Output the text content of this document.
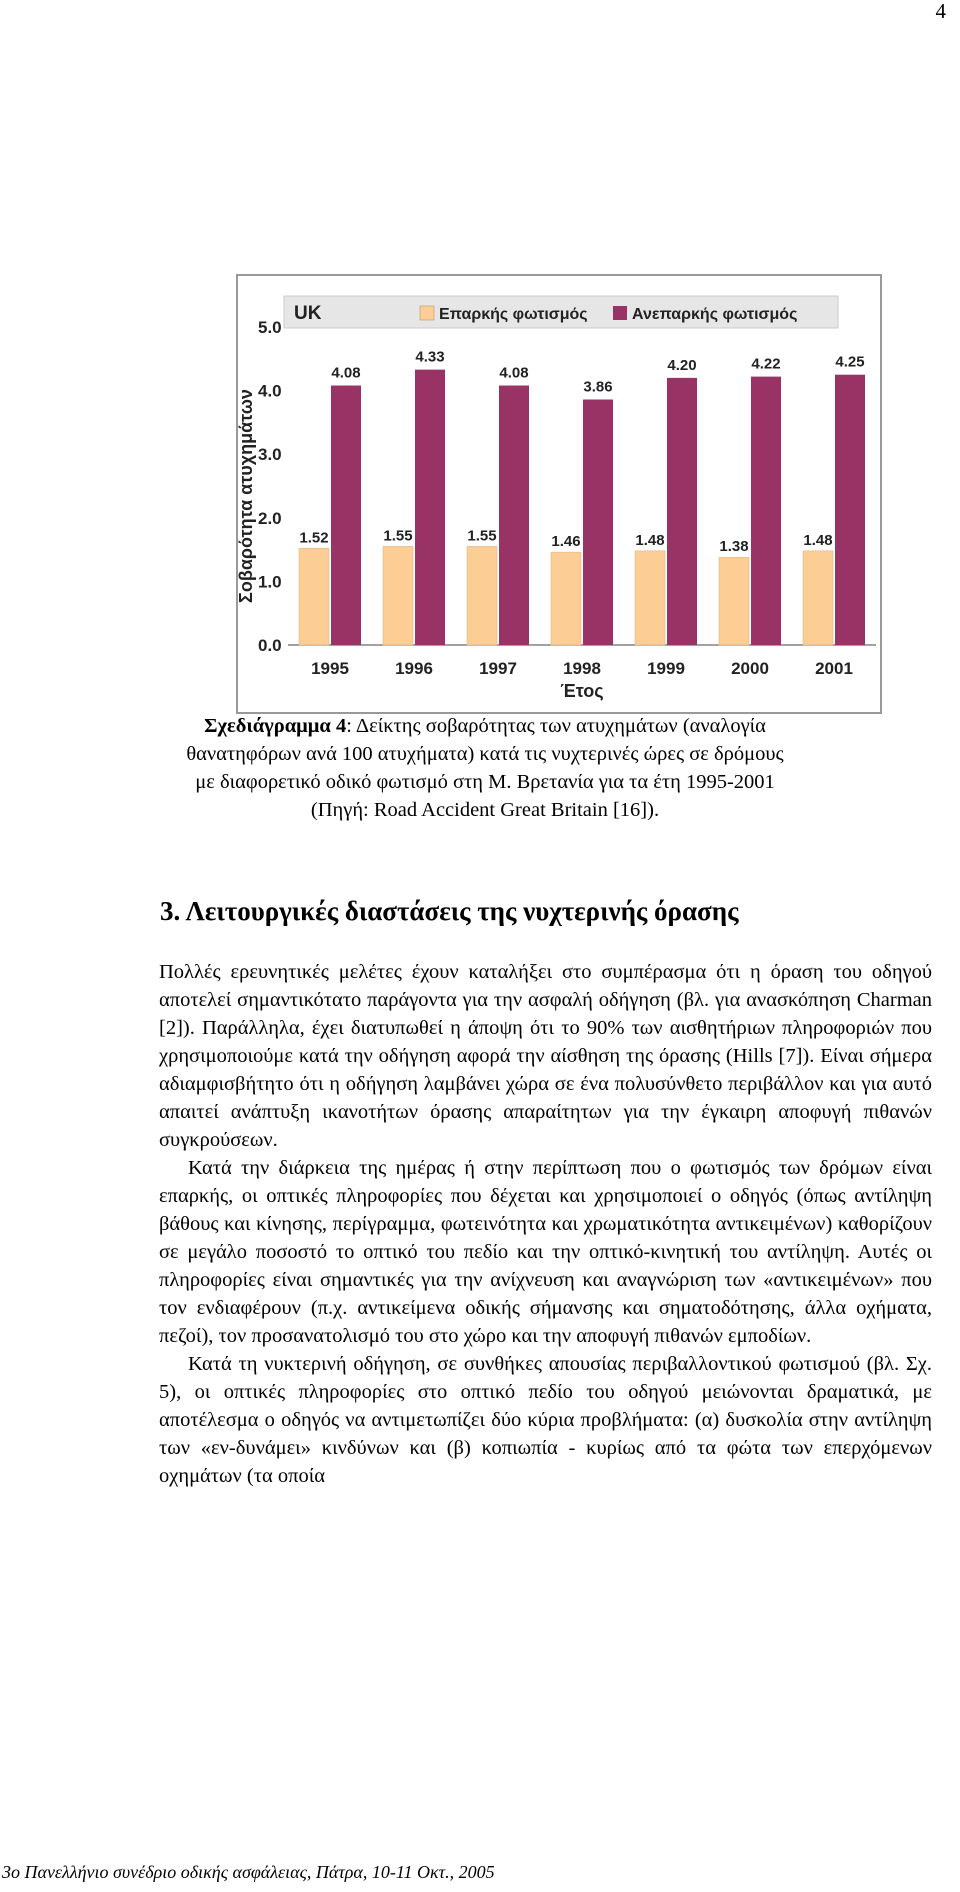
4
0.0
1.0
2.0
3.0
4.0
5.0
Σοβαρότητα ατυχημάτων	1.52
4.08
1995
1.55
4.33
1996
1.55
4.08
1997
1.46
3.86
1998
1.48
4.20
1999
1.38
4.22
2000
1.48
4.25
2001
Έτος
UK	Επαρκής φωτισμός	Ανεπαρκής φωτισμός
Σχεδιάγραμμα 4: Δείκτης σοβαρότητας των ατυχημάτων (αναλογία θανατηφόρων ανά 100 ατυχήματα) κατά τις νυχτερινές ώρες σε δρόμους με διαφορετικό οδικό φωτισμό στη Μ. Βρετανία για τα έτη 1995-2001 (Πηγή: Road Accident Great Britain [16]).
3. Λειτουργικές διαστάσεις της νυχτερινής όρασης

Πολλές ερευνητικές μελέτες έχουν καταλήξει στο συμπέρασμα ότι η όραση του οδηγού αποτελεί σημαντικότατο παράγοντα για την ασφαλή οδήγηση (βλ. για ανασκόπηση Charman [2]). Παράλληλα, έχει διατυπωθεί η άποψη ότι το 90% των αισθητήριων πληροφοριών που χρησιμοποιούμε κατά την οδήγηση αφορά την αίσθηση της όρασης (Hills [7]). Είναι σήμερα αδιαμφισβήτητο ότι η οδήγηση λαμβάνει χώρα σε ένα πολυσύνθετο περιβάλλον και για αυτό απαιτεί ανάπτυξη ικανοτήτων όρασης απαραίτητων για την έγκαιρη αποφυγή πιθανών συγκρούσεων.

Κατά την διάρκεια της ημέρας ή στην περίπτωση που ο φωτισμός των δρόμων είναι επαρκής, οι οπτικές πληροφορίες που δέχεται και χρησιμοποιεί ο οδηγός (όπως αντίληψη βάθους και κίνησης, περίγραμμα, φωτεινότητα και χρωματικότητα αντικειμένων) καθορίζουν σε μεγάλο ποσοστό το οπτικό του πεδίο και την οπτικό-κινητική του αντίληψη. Αυτές οι πληροφορίες είναι σημαντικές για την ανίχνευση και αναγνώριση των «αντικειμένων» που τον ενδιαφέρουν (π.χ. αντικείμενα οδικής σήμανσης και σηματοδότησης, άλλα οχήματα, πεζοί), τον προσανατολισμό του στο χώρο και την αποφυγή πιθανών εμποδίων.

Κατά τη νυκτερινή οδήγηση, σε συνθήκες απουσίας περιβαλλοντικού φωτισμού (βλ. Σχ. 5), οι οπτικές πληροφορίες στο οπτικό πεδίο του οδηγού μειώνονται δραματικά, με αποτέλεσμα ο οδηγός να αντιμετωπίζει δύο κύρια προβλήματα: (α) δυσκολία στην αντίληψη των «εν-δυνάμει» κινδύνων και (β) κοπιωπία - κυρίως από τα φώτα των επερχόμενων οχημάτων (τα οποία

3ο Πανελλήνιο συνέδριο οδικής ασφάλειας, Πάτρα, 10-11 Οκτ., 2005
